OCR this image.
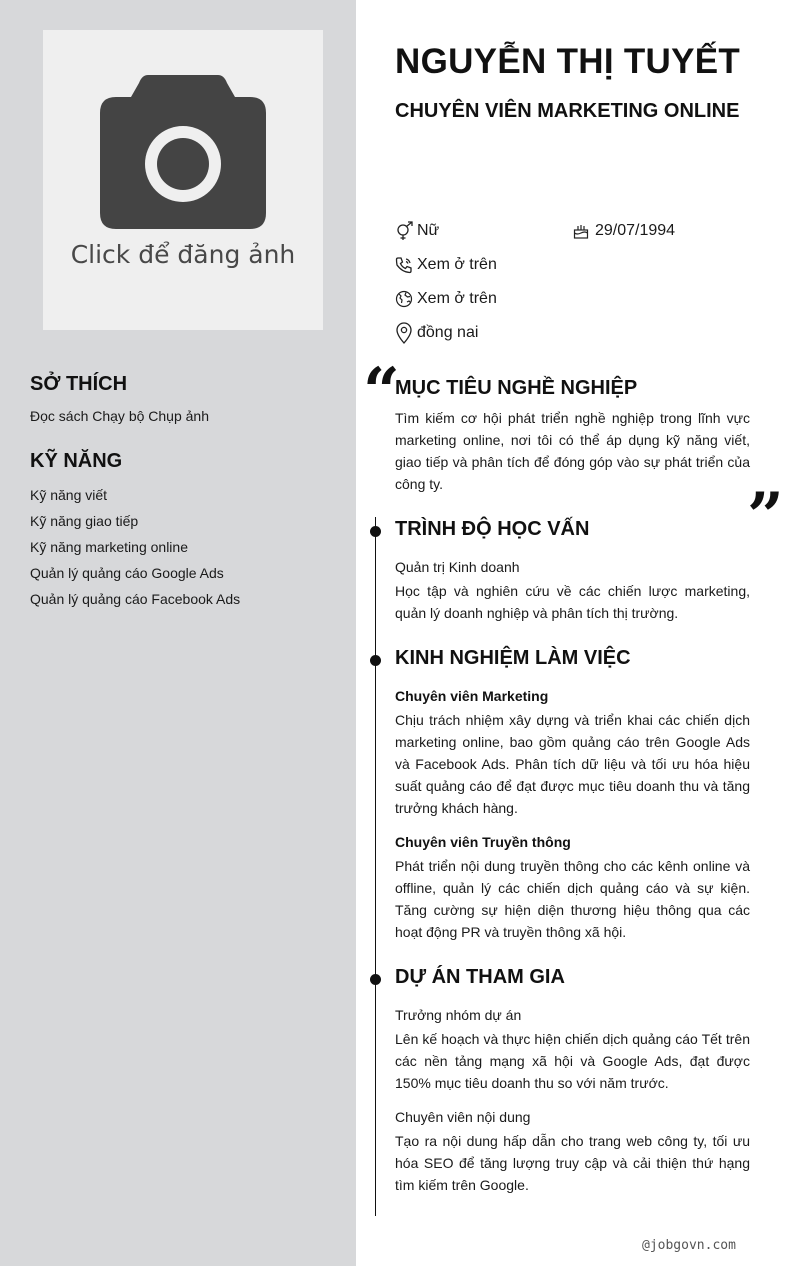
Click để đăng ảnh
SỞ THÍCH
Đọc sách Chạy bộ Chụp ảnh
KỸ NĂNG
Kỹ năng viết
Kỹ năng giao tiếp
Kỹ năng marketing online
Quản lý quảng cáo Google Ads
Quản lý quảng cáo Facebook Ads
NGUYỄN THỊ TUYẾT
CHUYÊN VIÊN MARKETING ONLINE
Nữ	29/07/1994
Xem ở trên
Xem ở trên
đồng nai
“
”
MỤC TIÊU NGHỀ NGHIỆP
Tìm kiếm cơ hội phát triển nghề nghiệp trong lĩnh vực marketing online, nơi tôi có thể áp dụng kỹ năng viết, giao tiếp và phân tích để đóng góp vào sự phát triển của công ty.
TRÌNH ĐỘ HỌC VẤN
Quản trị Kinh doanh
Học tập và nghiên cứu về các chiến lược marketing, quản lý doanh nghiệp và phân tích thị trường.
KINH NGHIỆM LÀM VIỆC
Chuyên viên Marketing
Chịu trách nhiệm xây dựng và triển khai các chiến dịch marketing online, bao gồm quảng cáo trên Google Ads và Facebook Ads. Phân tích dữ liệu và tối ưu hóa hiệu suất quảng cáo để đạt được mục tiêu doanh thu và tăng trưởng khách hàng.
Chuyên viên Truyền thông
Phát triển nội dung truyền thông cho các kênh online và offline, quản lý các chiến dịch quảng cáo và sự kiện. Tăng cường sự hiện diện thương hiệu thông qua các hoạt động PR và truyền thông xã hội.
DỰ ÁN THAM GIA
Trưởng nhóm dự án
Lên kế hoạch và thực hiện chiến dịch quảng cáo Tết trên các nền tảng mạng xã hội và Google Ads, đạt được 150% mục tiêu doanh thu so với năm trước.
Chuyên viên nội dung
Tạo ra nội dung hấp dẫn cho trang web công ty, tối ưu hóa SEO để tăng lượng truy cập và cải thiện thứ hạng tìm kiếm trên Google.
@jobgovn.com
